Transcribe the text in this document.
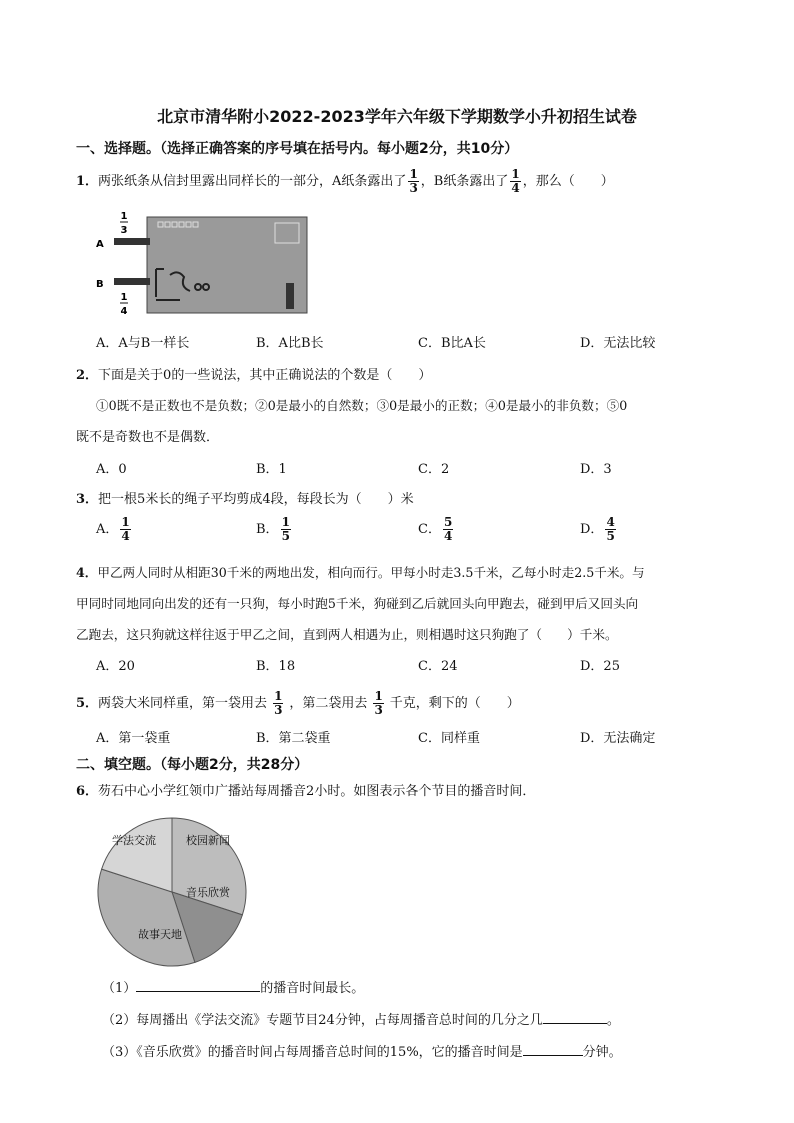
北京市清华附小2022-2023学年六年级下学期数学小升初招生试卷
一、选择题。（选择正确答案的序号填在括号内。每小题2分，共10分）
1．两张纸条从信封里露出同样长的一部分，A纸条露出了 $\frac{1}{3}$ ，B纸条露出了 $\frac{1}{4}$ ，那么（　　）
A
B
1
3
1
4
A．A与B一样长	B．A比B长	C．B比A长	D．无法比较
2．下面是关于0的一些说法，其中正确说法的个数是（　　）
①0既不是正数也不是负数；②0是最小的自然数；③0是最小的正数；④0是最小的非负数；⑤0
既不是奇数也不是偶数．
A．0	B．1	C．2	D．3
3．把一根5米长的绳子平均剪成4段，每段长为（　　）米
A． $\frac{1}{4}$	B． $\frac{1}{5}$	C． $\frac{5}{4}$	D． $\frac{4}{5}$
4．甲乙两人同时从相距30千米的两地出发，相向而行。甲每小时走3.5千米，乙每小时走2.5千米。与
甲同时同地同向出发的还有一只狗，每小时跑5千米，狗碰到乙后就回头向甲跑去，碰到甲后又回头向
乙跑去，这只狗就这样往返于甲乙之间，直到两人相遇为止，则相遇时这只狗跑了（　　）千米。
A．20	B．18	C．24	D．25
5．两袋大米同样重，第一袋用去 $\frac{1}{3}$ ，第二袋用去 $\frac{1}{3}$ 千克，剩下的（　　）
A．第一袋重	B．第二袋重	C．同样重	D．无法确定
二、填空题。（每小题2分，共28分）
6．芴石中心小学红领巾广播站每周播音2小时。如图表示各个节目的播音时间．
校园新闻
音乐欣赏
故事天地
学法交流
（1）	的播音时间最长。
（2）每周播出《学法交流》专题节目24分钟，占每周播音总时间的几分之几	。
（3）《音乐欣赏》的播音时间占每周播音总时间的15%，它的播音时间是	分钟。
